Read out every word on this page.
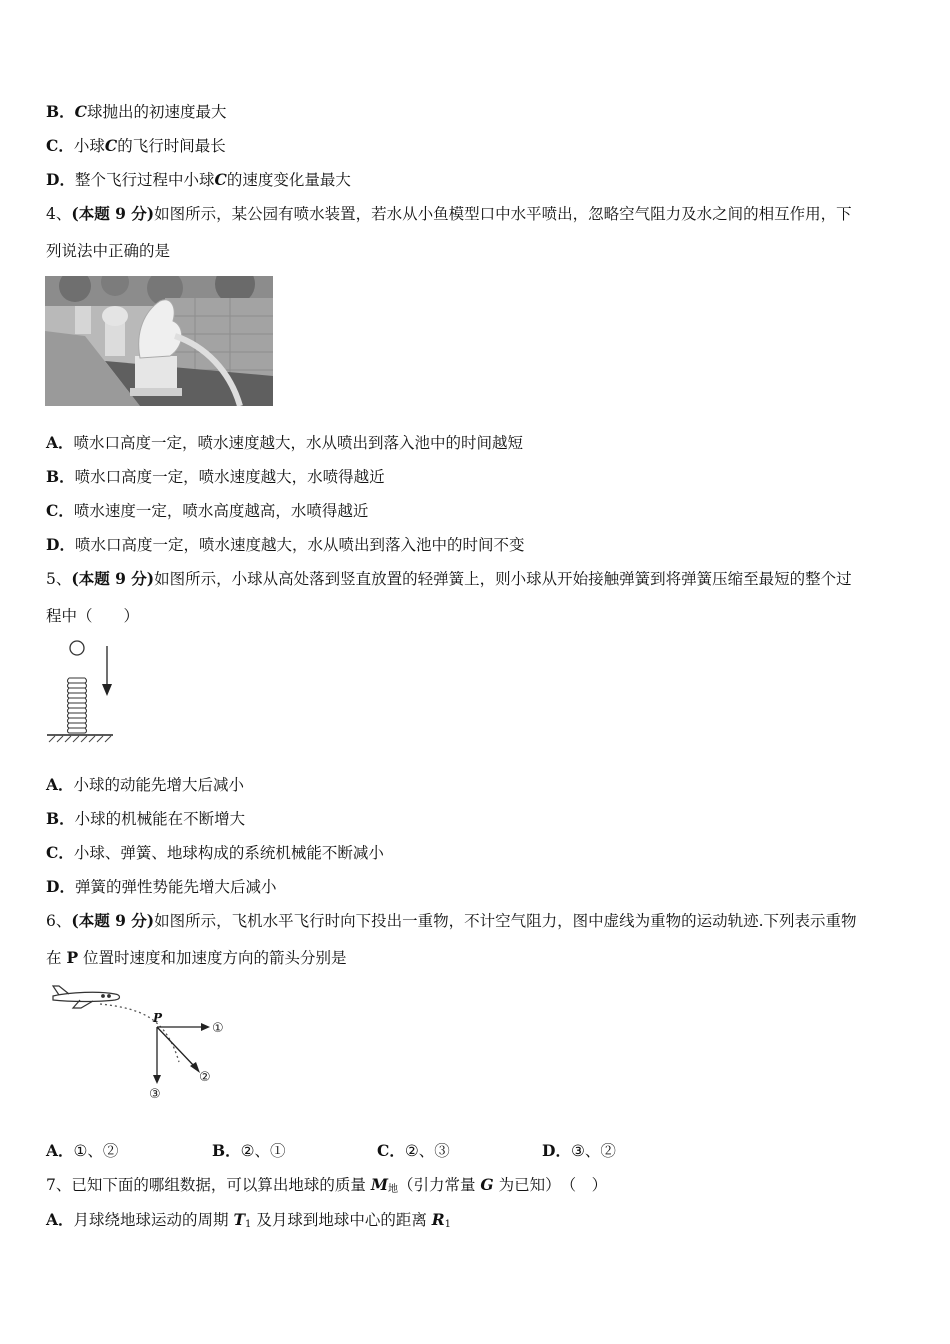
B．C球抛出的初速度最大
C．小球C的飞行时间最长
D．整个飞行过程中小球C的速度变化量最大
4、(本题 9 分)如图所示，某公园有喷水装置，若水从小鱼模型口中水平喷出，忽略空气阻力及水之间的相互作用，下
列说法中正确的是
A．喷水口高度一定，喷水速度越大，水从喷出到落入池中的时间越短
B．喷水口高度一定，喷水速度越大，水喷得越近
C．喷水速度一定，喷水高度越高，水喷得越近
D．喷水口高度一定，喷水速度越大，水从喷出到落入池中的时间不变
5、(本题 9 分)如图所示，小球从高处落到竖直放置的轻弹簧上，则小球从开始接触弹簧到将弹簧压缩至最短的整个过
程中（　　）
A．小球的动能先增大后减小
B．小球的机械能在不断增大
C．小球、弹簧、地球构成的系统机械能不断减小
D．弹簧的弹性势能先增大后减小
6、(本题 9 分)如图所示，飞机水平飞行时向下投出一重物，不计空气阻力，图中虚线为重物的运动轨迹.下列表示重物
在 P 位置时速度和加速度方向的箭头分别是
P
①
②
③
A．①、②	B．②、①	C．②、③	D．③、②
7、已知下面的哪组数据，可以算出地球的质量 $M_地$（引力常量 G 为已知）　（　）
A．月球绕地球运动的周期 $T_1$ 及月球到地球中心的距离 $R_1$
